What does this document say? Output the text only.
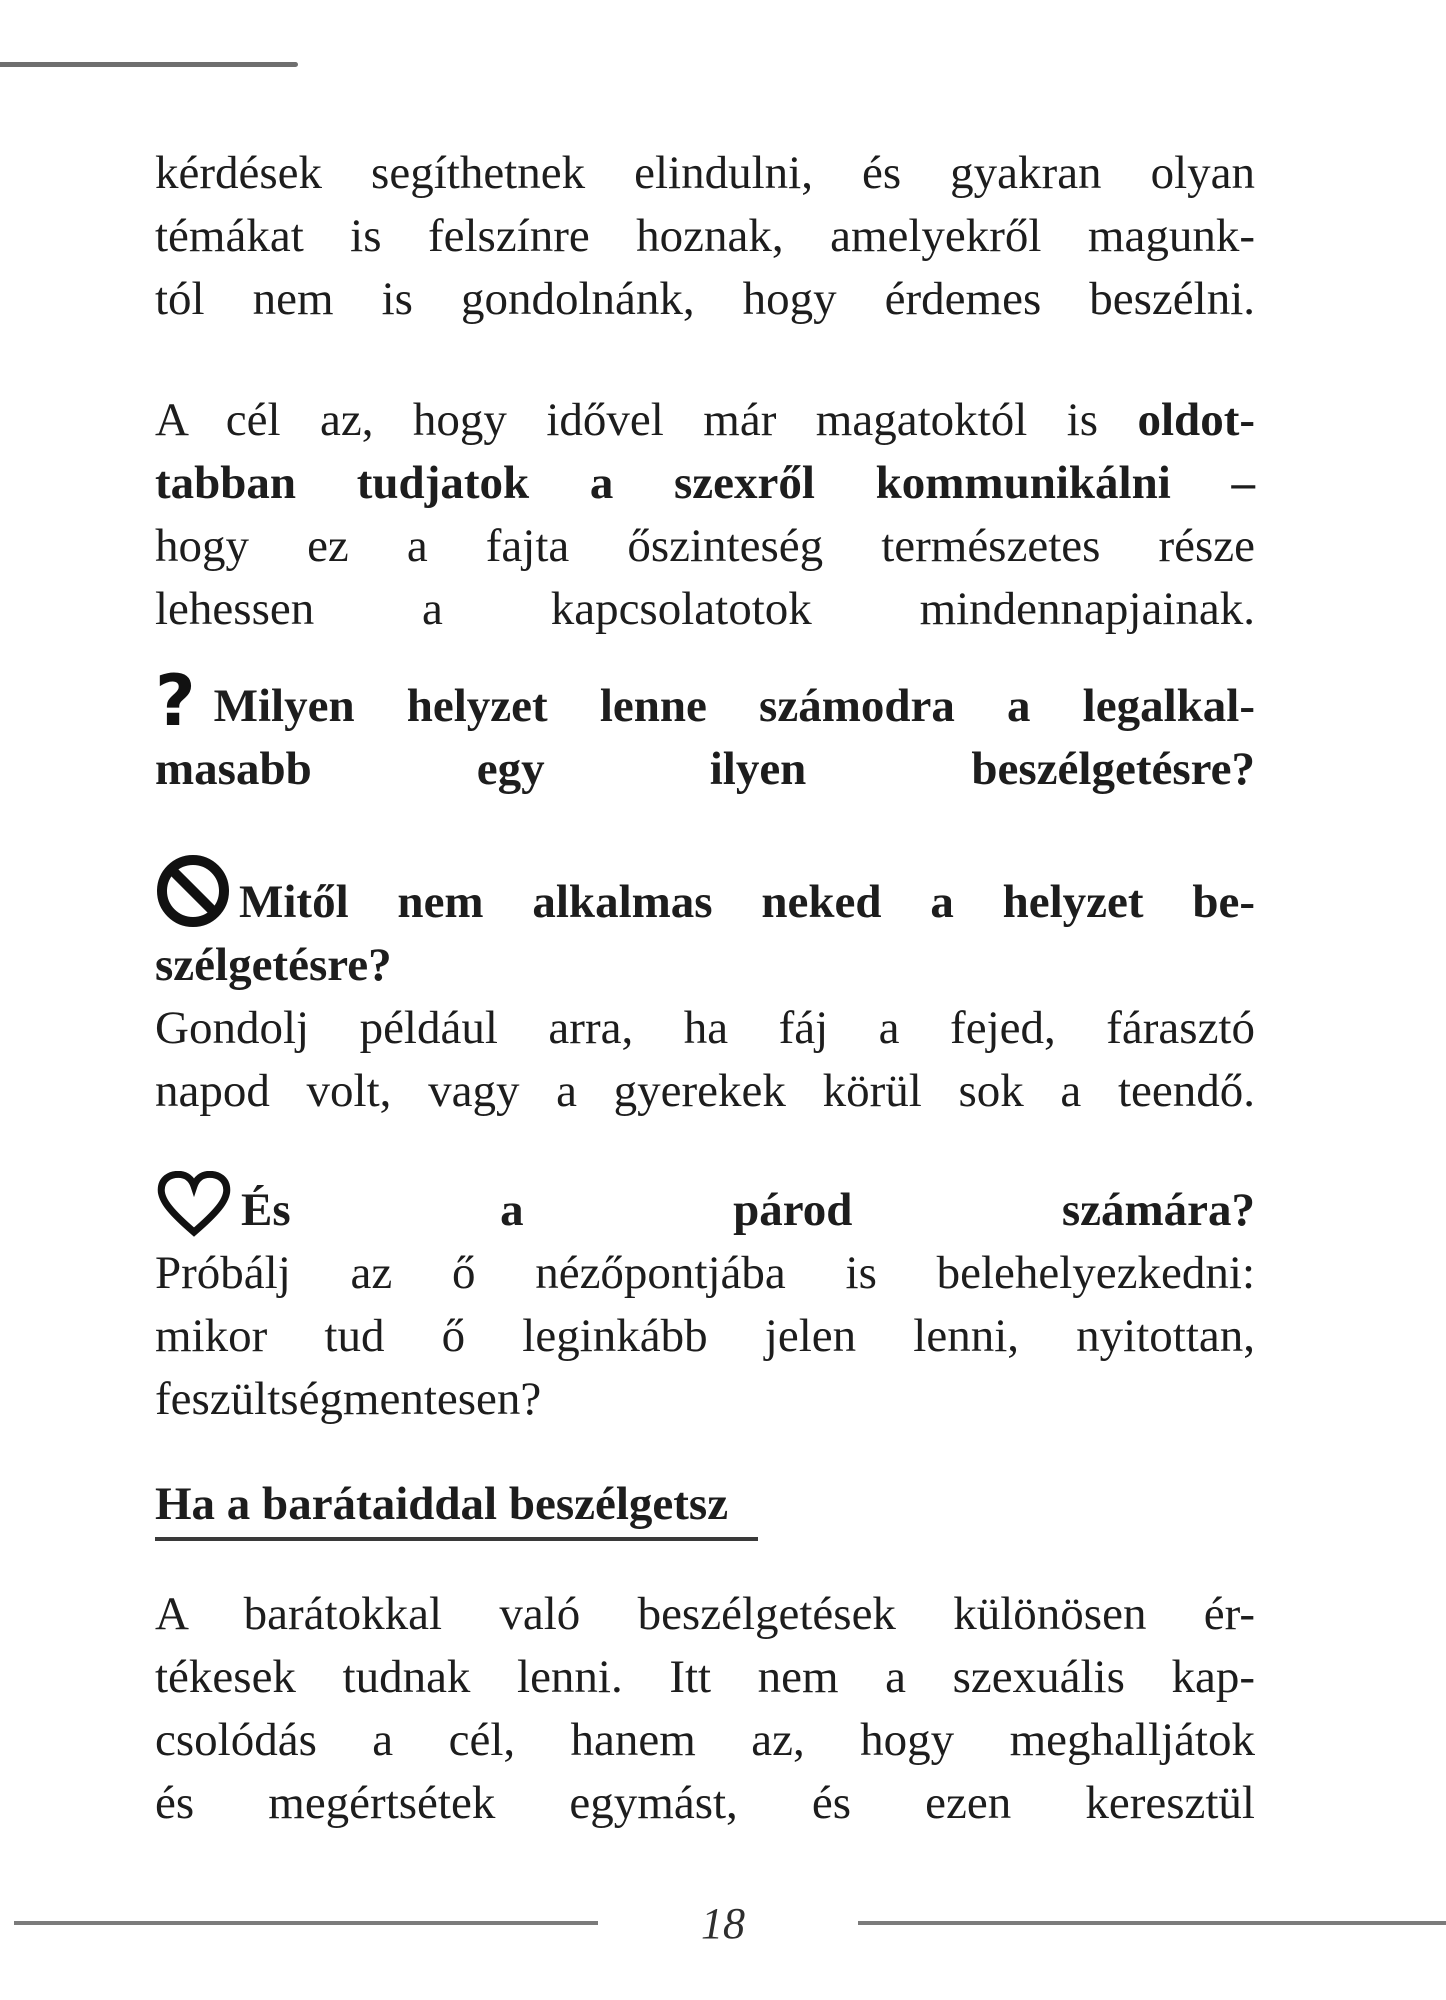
kérdések segíthetnek elindulni, és gyakran olyan
témákat is felszínre hoznak, amelyekről magunk-
tól nem is gondolnánk, hogy érdemes beszélni.
A cél az, hogy idővel már magatoktól is oldot-
tabban tudjatok a szexről kommunikálni –
hogy ez a fajta őszinteség természetes része
lehessen a kapcsolatotok mindennapjainak.
? Milyen helyzet lenne számodra a legalkal-
masabb egy ilyen beszélgetésre?
Mitől nem alkalmas neked a helyzet be-
szélgetésre?
Gondolj például arra, ha fáj a fejed, fárasztó
napod volt, vagy a gyerekek körül sok a teendő.
És a párod számára?
Próbálj az ő nézőpontjába is belehelyezkedni:
mikor tud ő leginkább jelen lenni, nyitottan,
feszültségmentesen?
Ha a barátaiddal beszélgetsz
A barátokkal való beszélgetések különösen ér-
tékesek tudnak lenni. Itt nem a szexuális kap-
csolódás a cél, hanem az, hogy meghalljátok
és megértsétek egymást, és ezen keresztül
18
